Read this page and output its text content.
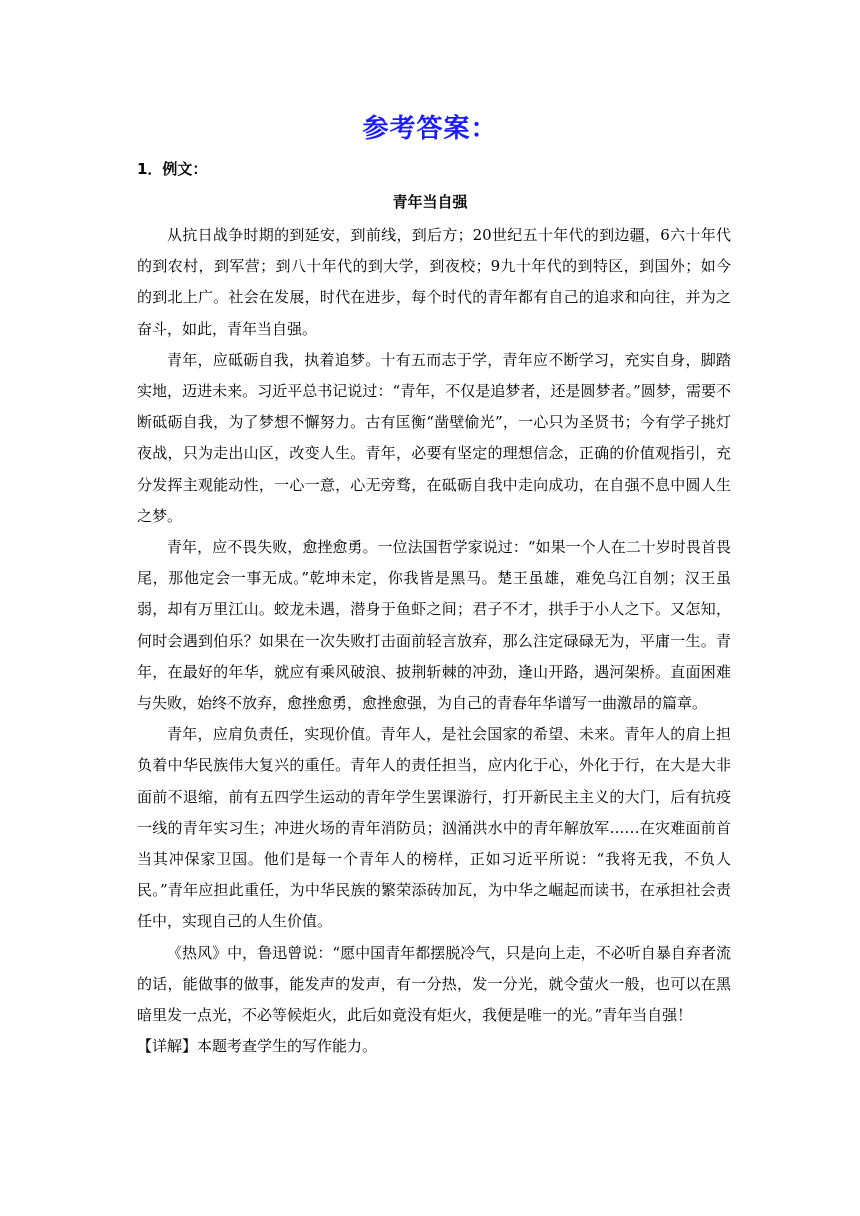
参考答案：
1．例文：
青年当自强

从抗日战争时期的到延安，到前线，到后方；20世纪五十年代的到边疆，6六十年代的到农村，到军营；到八十年代的到大学，到夜校；9九十年代的到特区，到国外；如今的到北上广。社会在发展，时代在进步，每个时代的青年都有自己的追求和向往，并为之奋斗，如此，青年当自强。

青年，应砥砺自我，执着追梦。十有五而志于学，青年应不断学习，充实自身，脚踏实地，迈进未来。习近平总书记说过：“青年，不仅是追梦者，还是圆梦者。”圆梦，需要不断砥砺自我，为了梦想不懈努力。古有匡衡“凿壁偷光”，一心只为圣贤书；今有学子挑灯夜战，只为走出山区，改变人生。青年，必要有坚定的理想信念，正确的价值观指引，充分发挥主观能动性，一心一意，心无旁骛，在砥砺自我中走向成功，在自强不息中圆人生之梦。

青年，应不畏失败，愈挫愈勇。一位法国哲学家说过：“如果一个人在二十岁时畏首畏尾，那他定会一事无成。”乾坤未定，你我皆是黑马。楚王虽雄，难免乌江自刎；汉王虽弱，却有万里江山。蛟龙未遇，潜身于鱼虾之间；君子不才，拱手于小人之下。又怎知，何时会遇到伯乐？如果在一次失败打击面前轻言放弃，那么注定碌碌无为，平庸一生。青年，在最好的年华，就应有乘风破浪、披荆斩棘的冲劲，逢山开路，遇河架桥。直面困难与失败，始终不放弃，愈挫愈勇，愈挫愈强，为自己的青春年华谱写一曲激昂的篇章。

青年，应肩负责任，实现价值。青年人，是社会国家的希望、未来。青年人的肩上担负着中华民族伟大复兴的重任。青年人的责任担当，应内化于心，外化于行，在大是大非面前不退缩，前有五四学生运动的青年学生罢课游行，打开新民主主义的大门，后有抗疫一线的青年实习生；冲进火场的青年消防员；汹涌洪水中的青年解放军……在灾难面前首当其冲保家卫国。他们是每一个青年人的榜样，正如习近平所说：“我将无我，不负人民。”青年应担此重任，为中华民族的繁荣添砖加瓦，为中华之崛起而读书，在承担社会责任中，实现自己的人生价值。

《热风》中，鲁迅曾说：“愿中国青年都摆脱冷气，只是向上走，不必听自暴自弃者流的话，能做事的做事，能发声的发声，有一分热，发一分光，就令萤火一般，也可以在黑暗里发一点光，不必等候炬火，此后如竟没有炬火，我便是唯一的光。”青年当自强！

【详解】本题考查学生的写作能力。
